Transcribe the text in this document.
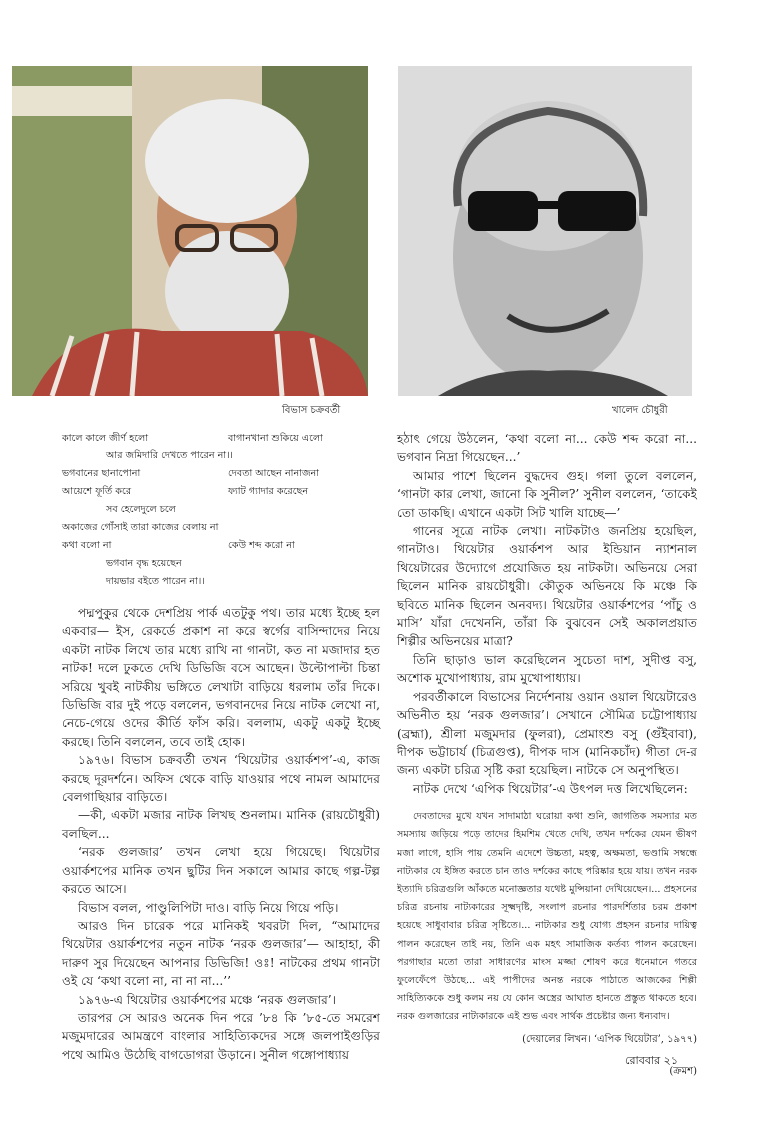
বিভাস চক্রবর্তী	খালেদ চৌধুরী
কালে কালে জীর্ণ হলো	বাগানখানা শুকিয়ে এলো
আর জমিদারি দেখতে পারেন না।।
ভগবানের ছানাপোনা	দেবতা আছেন নানাজনা
আয়েশে ফূর্তি করে	ফ্যাট গ্যাদার করেছেন
সব হেলেদুলে চলে
অকাজের গোঁসাই তারা কাজের বেলায় না
কথা বলো না	কেউ শব্দ করো না
ভগবান বৃদ্ধ হয়েছেন
দায়ভার বইতে পারেন না।।

পদ্মপুকুর থেকে দেশপ্রিয় পার্ক এতটুকু পথ। তার মধ্যে ইচ্ছে হল একবার— ইস, রেকর্ডে প্রকাশ না করে স্বর্গের বাসিন্দাদের নিয়ে একটা নাটক লিখে তার মধ্যে রাখি না গানটা, কত না মজাদার হত নাটক! দলে ঢুকতে দেখি ডিভিজি বসে আছেন। উল্টোপাল্টা চিন্তা সরিয়ে খুবই নাটকীয় ভঙ্গিতে লেখাটা বাড়িয়ে ধরলাম তাঁর দিকে। ডিভিজি বার দুই পড়ে বললেন, ভগবানদের নিয়ে নাটক লেখো না, নেচে-গেয়ে ওদের কীর্তি ফাঁস করি। বললাম, একটু একটু ইচ্ছে করছে। তিনি বললেন, তবে তাই হোক।

১৯৭৬। বিভাস চক্রবর্তী তখন ‘থিয়েটার ওয়ার্কশপ’-এ, কাজ করছে দূরদর্শনে। অফিস থেকে বাড়ি যাওয়ার পথে নামল আমাদের বেলগাছিয়ার বাড়িতে।

—কী, একটা মজার নাটক লিখছ শুনলাম। মানিক (রায়চৌধুরী) বলছিল...

‘নরক গুলজার’ তখন লেখা হয়ে গিয়েছে। থিয়েটার ওয়ার্কশপের মানিক তখন ছুটির দিন সকালে আমার কাছে গল্প-টল্প করতে আসে।

বিভাস বলল, পাণ্ডুলিপিটা দাও। বাড়ি নিয়ে গিয়ে পড়ি।

আরও দিন চারেক পরে মানিকই খবরটা দিল, “আমাদের থিয়েটার ওয়ার্কশপের নতুন নাটক ‘নরক গুলজার’— আহাহা, কী দারুণ সুর দিয়েছেন আপনার ডিভিজি! ওঃ! নাটকের প্রথম গানটা ওই যে ‘কথা বলো না, না না না...’’

১৯৭৬-এ থিয়েটার ওয়ার্কশপের মঞ্চে ‘নরক গুলজার’।

তারপর সে আরও অনেক দিন পরে ’৮৪ কি ’৮৫-তে সমরেশ মজুমদারের আমন্ত্রণে বাংলার সাহিত্যিকদের সঙ্গে জলপাইগুড়ির পথে আমিও উঠেছি বাগডোগরা উড়ানে। সুনীল গঙ্গোপাধ্যায়

হঠাৎ গেয়ে উঠলেন, ‘কথা বলো না... কেউ শব্দ করো না... ভগবান নিদ্রা গিয়েছেন...’

আমার পাশে ছিলেন বুদ্ধদেব গুহ। গলা তুলে বললেন, ‘গানটা কার লেখা, জানো কি সুনীল?’ সুনীল বললেন, ‘তাকেই তো ডাকছি। এখানে একটা সিট খালি যাচ্ছে—’

গানের সূত্রে নাটক লেখা। নাটকটাও জনপ্রিয় হয়েছিল, গানটাও। থিয়েটার ওয়ার্কশপ আর ইন্ডিয়ান ন্যাশনাল থিয়েটারের উদ্যোগে প্রযোজিত হয় নাটকটা। অভিনয়ে সেরা ছিলেন মানিক রায়চৌধুরী। কৌতুক অভিনয়ে কি মঞ্চে কি ছবিতে মানিক ছিলেন অনবদ্য। থিয়েটার ওয়ার্কশপের ‘পাঁচু ও মাসি’ যাঁরা দেখেননি, তাঁরা কি বুঝবেন সেই অকালপ্রয়াত শিল্পীর অভিনয়ের মাত্রা?

তিনি ছাড়াও ভাল করেছিলেন সুচেতা দাশ, সুদীপ্ত বসু, অশোক মুখোপাধ্যায়, রাম মুখোপাধ্যায়।

পরবর্তীকালে বিভাসের নির্দেশনায় ওয়ান ওয়াল থিয়েটারেও অভিনীত হয় ‘নরক গুলজার’। সেখানে সৌমিত্র চট্টোপাধ্যায় (ব্রহ্মা), শ্রীলা মজুমদার (ফুলরা), প্রেমাংশু বসু (গুঁইবাবা), দীপক ভট্টাচার্য (চিত্রগুপ্ত), দীপক দাস (মানিকচাঁদ) গীতা দে-র জন্য একটা চরিত্র সৃষ্টি করা হয়েছিল। নাটকে সে অনুপস্থিত।

নাটক দেখে ‘এপিক থিয়েটার’-এ উৎপল দত্ত লিখেছিলেন:

দেবতাদের মুখে যখন সাদামাঠা ঘরোয়া কথা শুনি, জাগতিক সমস্যার মত সমস্যায় জড়িয়ে পড়ে তাদের হিমশিম খেতে দেখি, তখন দর্শকের যেমন ভীষণ মজা লাগে, হাসি পায় তেমনি এদেশে উচ্চতা, মহত্ব, অক্ষমতা, ভণ্ডামি সম্বন্ধে নাট্যকার যে ইঙ্গিত করতে চান তাও দর্শকের কাছে পরিষ্কার হয়ে যায়। তখন নরক ইত্যাদি চরিত্রগুলি আঁকতে মনোজ্ঞতার যথেষ্ট মুন্সিয়ানা দেখিয়েছেন।... প্রহসনের চরিত্র রচনায় নাট্যকারের সূক্ষ্মদৃষ্টি, সংলাপ রচনার পারদর্শিতার চরম প্রকাশ হয়েছে সাধুবাবার চরিত্র সৃষ্টিতে।... নাট্যকার শুধু যোগ্য প্রহসন রচনার দায়িত্ব পালন করেছেন তাই নয়, তিনি এক মহৎ সামাজিক কর্তব্য পালন করেছেন। পরগাছার মতো তারা সাধারণের মাংস মজ্জা শোষণ করে ধনেমানে গতরে ফুলেফেঁপে উঠছে... এই পাপীদের অনন্ত নরকে পাঠাতে আজকের শিল্পী সাহিত্যিককে শুধু কলম নয় যে কোন অস্ত্রের আঘাত হানতে প্রস্তুত থাকতে হবে। নরক গুলজারের নাট্যকারকে এই শুভ এবং সার্থক প্রচেষ্টার জন্য ধন্যবাদ।

(দেয়ালের লিখন। ‘এপিক থিয়েটার’, ১৯৭৭)

(ক্রমশ)

রোববার ২১
